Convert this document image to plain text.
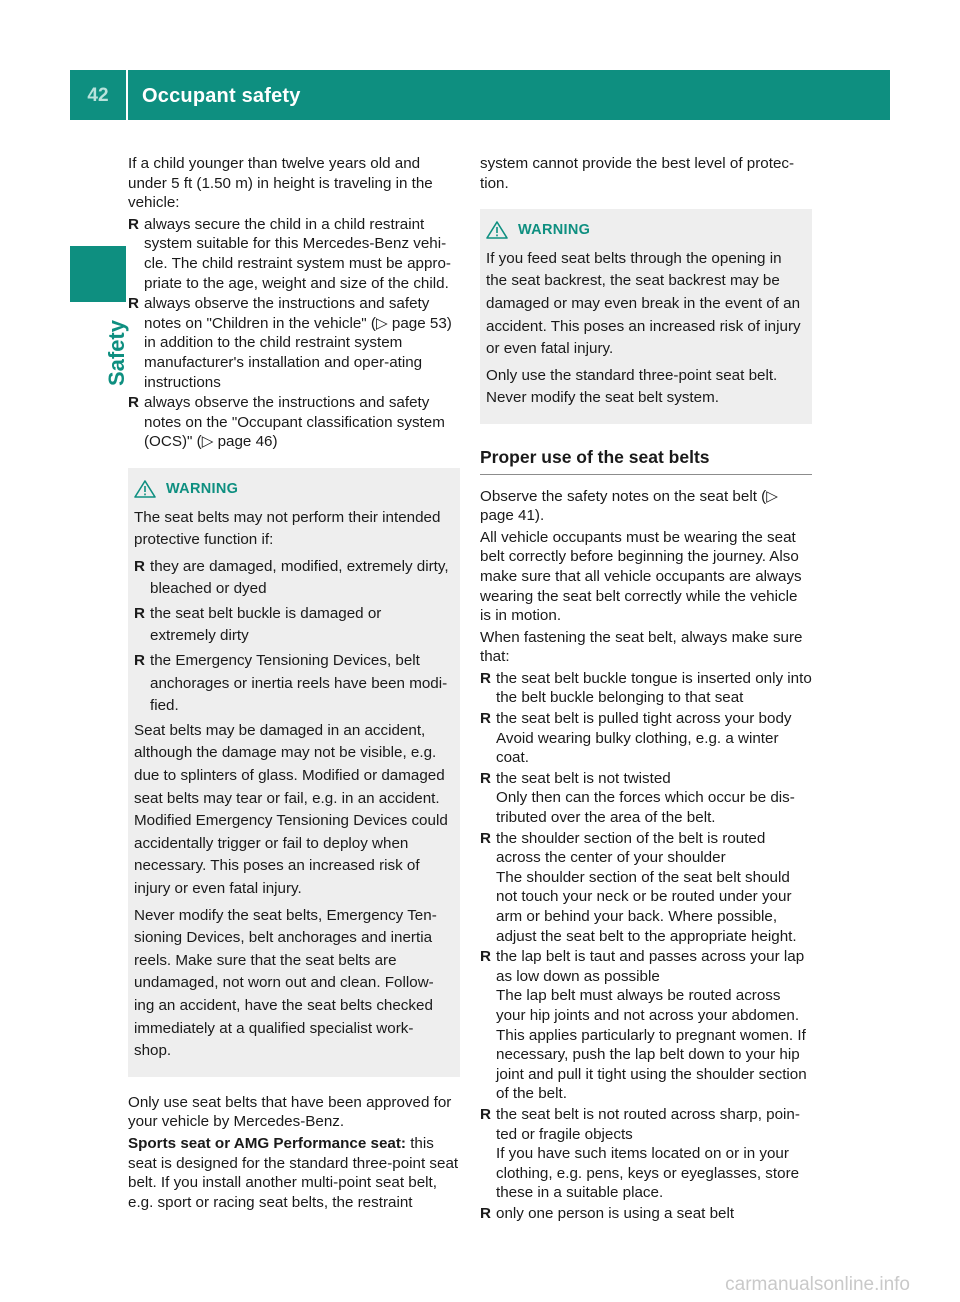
42	Occupant safety
Safety

If a child younger than twelve years old and under 5 ft (1.50 m) in height is traveling in the vehicle:

R always secure the child in a child restraint system suitable for this Mercedes-Benz vehi-cle. The child restraint system must be appro-priate to the age, weight and size of the child.
R always observe the instructions and safety notes on "Children in the vehicle" (▷ page 53) in addition to the child restraint system manufacturer's installation and oper-ating instructions
R always observe the instructions and safety notes on the "Occupant classification system (OCS)" (▷ page 46)
WARNING

The seat belts may not perform their intended protective function if:

R they are damaged, modified, extremely dirty, bleached or dyed
R the seat belt buckle is damaged or extremely dirty
R the Emergency Tensioning Devices, belt anchorages or inertia reels have been modi-fied.

Seat belts may be damaged in an accident, although the damage may not be visible, e.g. due to splinters of glass. Modified or damaged seat belts may tear or fail, e.g. in an accident. Modified Emergency Tensioning Devices could accidentally trigger or fail to deploy when necessary. This poses an increased risk of injury or even fatal injury.

Never modify the seat belts, Emergency Ten-sioning Devices, belt anchorages and inertia reels. Make sure that the seat belts are undamaged, not worn out and clean. Follow-ing an accident, have the seat belts checked immediately at a qualified specialist work-shop.

Only use seat belts that have been approved for your vehicle by Mercedes-Benz.

Sports seat or AMG Performance seat: this seat is designed for the standard three-point seat belt. If you install another multi-point seat belt, e.g. sport or racing seat belts, the restraint

system cannot provide the best level of protec-tion.

WARNING

If you feed seat belts through the opening in the seat backrest, the seat backrest may be damaged or may even break in the event of an accident. This poses an increased risk of injury or even fatal injury.

Only use the standard three-point seat belt. Never modify the seat belt system.

Proper use of the seat belts

Observe the safety notes on the seat belt (▷ page 41).

All vehicle occupants must be wearing the seat belt correctly before beginning the journey. Also make sure that all vehicle occupants are always wearing the seat belt correctly while the vehicle is in motion.

When fastening the seat belt, always make sure that:

R the seat belt buckle tongue is inserted only into the belt buckle belonging to that seat
R the seat belt is pulled tight across your body
Avoid wearing bulky clothing, e.g. a winter coat.
R the seat belt is not twisted
Only then can the forces which occur be dis-tributed over the area of the belt.
R the shoulder section of the belt is routed across the center of your shoulder
The shoulder section of the seat belt should not touch your neck or be routed under your arm or behind your back. Where possible, adjust the seat belt to the appropriate height.
R the lap belt is taut and passes across your lap as low down as possible
The lap belt must always be routed across your hip joints and not across your abdomen. This applies particularly to pregnant women. If necessary, push the lap belt down to your hip joint and pull it tight using the shoulder section of the belt.
R the seat belt is not routed across sharp, poin-ted or fragile objects
If you have such items located on or in your clothing, e.g. pens, keys or eyeglasses, store these in a suitable place.
R only one person is using a seat belt
carmanualsonline.info
